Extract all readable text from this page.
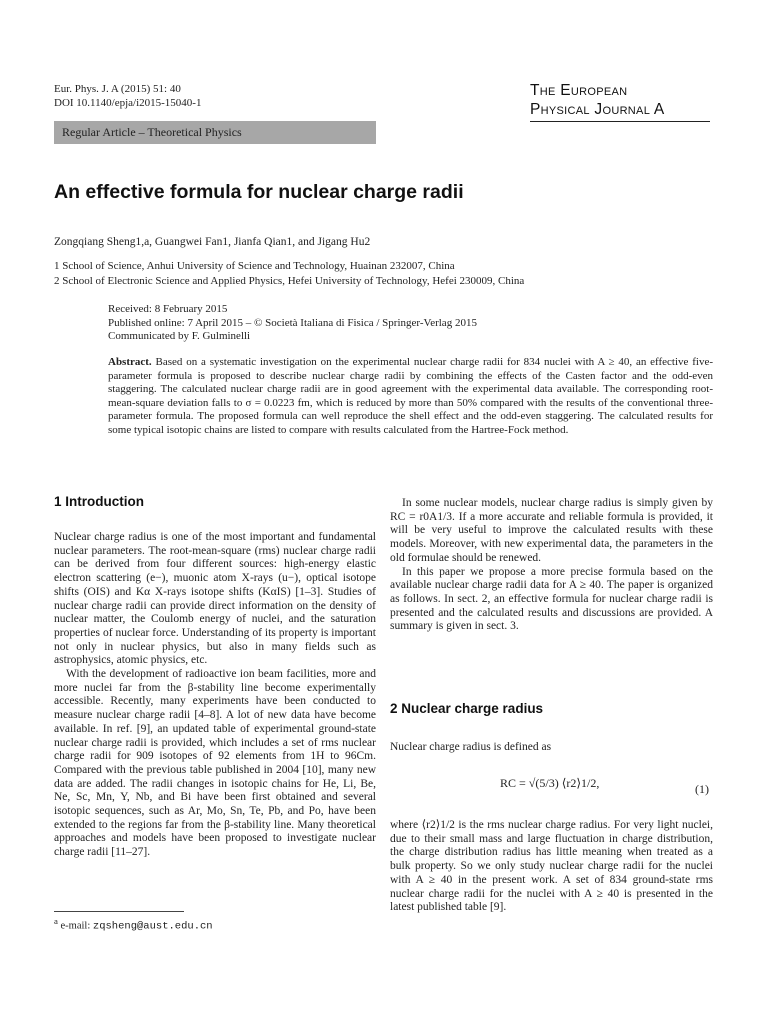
Eur. Phys. J. A (2015) 51: 40
DOI 10.1140/epja/i2015-15040-1
The European
Physical Journal A
Regular Article – Theoretical Physics
An effective formula for nuclear charge radii
Zongqiang Sheng1,a, Guangwei Fan1, Jianfa Qian1, and Jigang Hu2
1 School of Science, Anhui University of Science and Technology, Huainan 232007, China
2 School of Electronic Science and Applied Physics, Hefei University of Technology, Hefei 230009, China
Received: 8 February 2015
Published online: 7 April 2015 – © Società Italiana di Fisica / Springer-Verlag 2015
Communicated by F. Gulminelli
Abstract. Based on a systematic investigation on the experimental nuclear charge radii for 834 nuclei with A ≥ 40, an effective five-parameter formula is proposed to describe nuclear charge radii by combining the effects of the Casten factor and the odd-even staggering. The calculated nuclear charge radii are in good agreement with the experimental data available. The corresponding root-mean-square deviation falls to σ = 0.0223 fm, which is reduced by more than 50% compared with the results of the conventional three-parameter formula. The proposed formula can well reproduce the shell effect and the odd-even staggering. The calculated results for some typical isotopic chains are listed to compare with results calculated from the Hartree-Fock method.
1 Introduction

Nuclear charge radius is one of the most important and fundamental nuclear parameters. The root-mean-square (rms) nuclear charge radii can be derived from four different sources: high-energy elastic electron scattering (e−), muonic atom X-rays (u−), optical isotope shifts (OIS) and Kα X-rays isotope shifts (KαIS) [1–3]. Studies of nuclear charge radii can provide direct information on the density of nuclear matter, the Coulomb energy of nuclei, and the saturation properties of nuclear force. Understanding of its property is important not only in nuclear physics, but also in many fields such as astrophysics, atomic physics, etc.

With the development of radioactive ion beam facilities, more and more nuclei far from the β-stability line become experimentally accessible. Recently, many experiments have been conducted to measure nuclear charge radii [4–8]. A lot of new data have become available. In ref. [9], an updated table of experimental ground-state nuclear charge radii is provided, which includes a set of rms nuclear charge radii for 909 isotopes of 92 elements from 1H to 96Cm. Compared with the previous table published in 2004 [10], many new data are added. The radii changes in isotopic chains for He, Li, Be, Ne, Sc, Mn, Y, Nb, and Bi have been first obtained and several isotopic sequences, such as Ar, Mo, Sn, Te, Pb, and Po, have been extended to the regions far from the β-stability line. Many theoretical approaches and models have been proposed to investigate nuclear charge radii [11–27].

$^a$ e-mail: zqsheng@aust.edu.cn

In some nuclear models, nuclear charge radius is simply given by RC = r0A1/3. If a more accurate and reliable formula is provided, it will be very useful to improve the calculated results with these models. Moreover, with new experimental data, the parameters in the old formulae should be renewed.

In this paper we propose a more precise formula based on the available nuclear charge radii data for A ≥ 40. The paper is organized as follows. In sect. 2, an effective formula for nuclear charge radii is presented and the calculated results and discussions are provided. A summary is given in sect. 3.

2 Nuclear charge radius
Nuclear charge radius is defined as
RC = √(5/3) ⟨r2⟩1/2,	(1)
where ⟨r2⟩1/2 is the rms nuclear charge radius. For very light nuclei, due to their small mass and large fluctuation in charge distribution, the charge distribution radius has little meaning when treated as a bulk property. So we only study nuclear charge radii for the nuclei with A ≥ 40 in the present work. A set of 834 ground-state rms nuclear charge radii for the nuclei with A ≥ 40 is presented in the latest published table [9].
